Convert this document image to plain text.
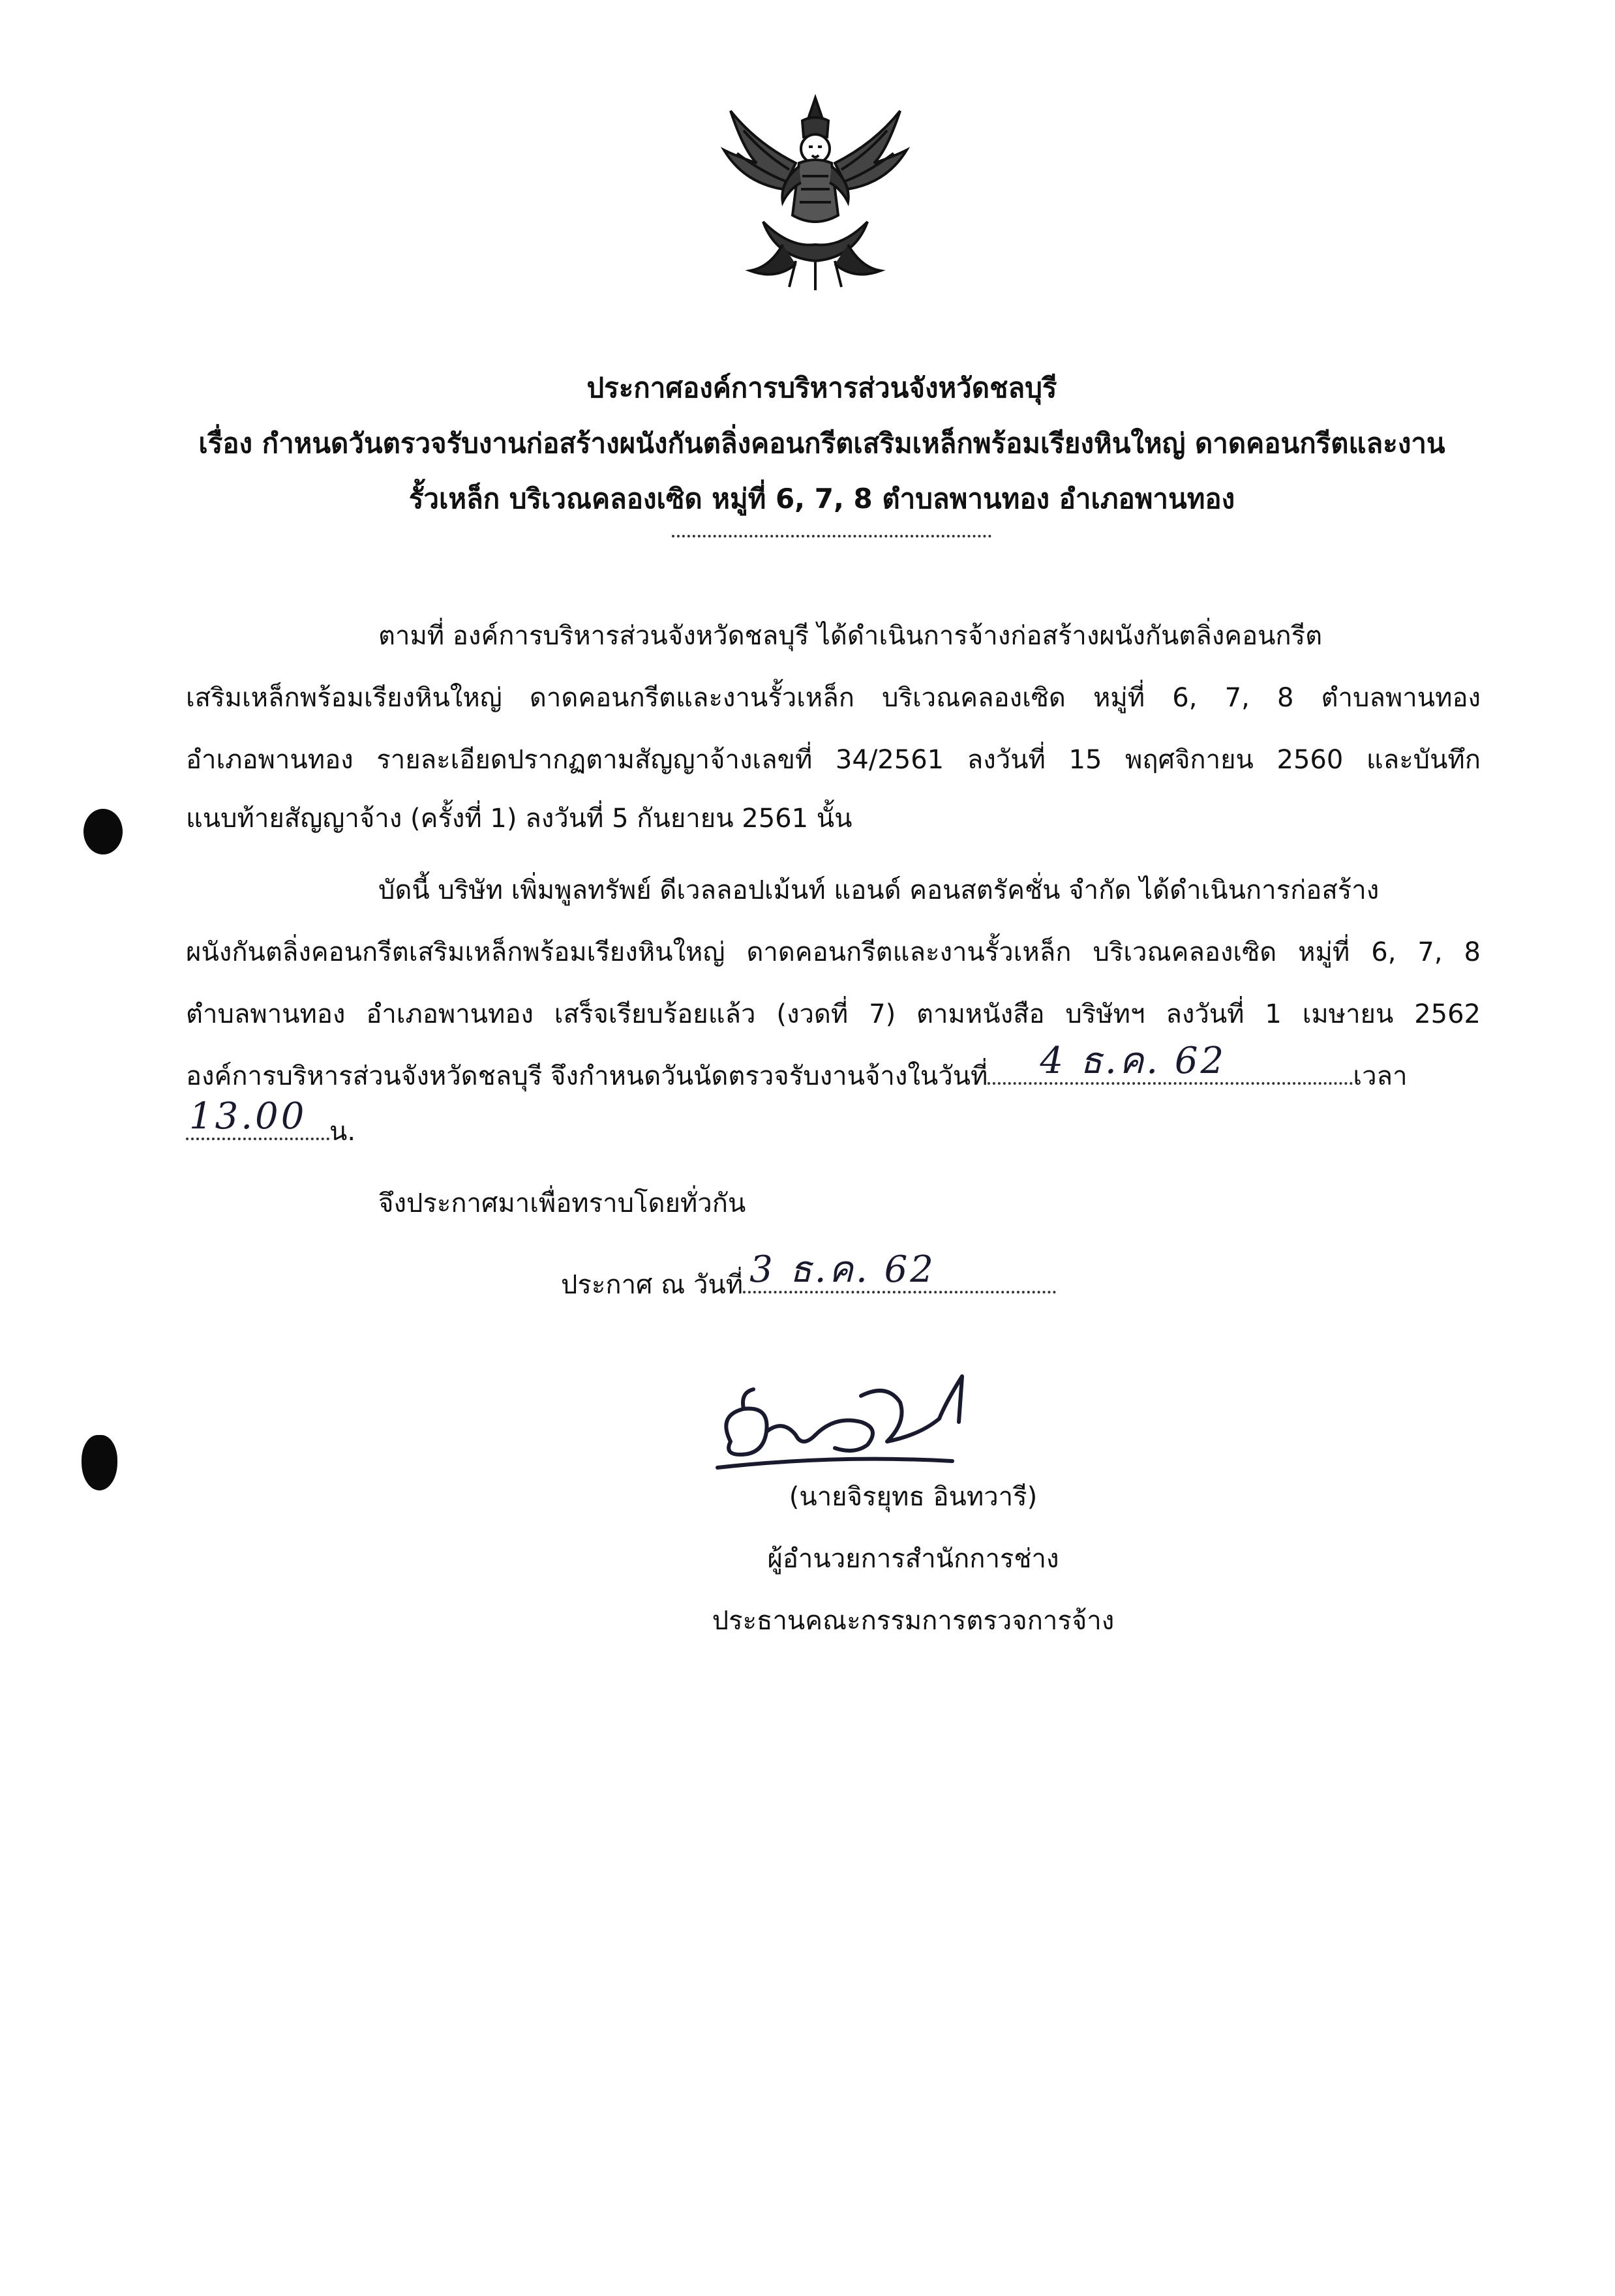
ประกาศองค์การบริหารส่วนจังหวัดชลบุรี
เรื่อง กำหนดวันตรวจรับงานก่อสร้างผนังกันตลิ่งคอนกรีตเสริมเหล็กพร้อมเรียงหินใหญ่ ดาดคอนกรีตและงาน
รั้วเหล็ก บริเวณคลองเซิด หมู่ที่ 6, 7, 8 ตำบลพานทอง อำเภอพานทอง
ตามที่ องค์การบริหารส่วนจังหวัดชลบุรี ได้ดำเนินการจ้างก่อสร้างผนังกันตลิ่งคอนกรีต
เสริมเหล็กพร้อมเรียงหินใหญ่ ดาดคอนกรีตและงานรั้วเหล็ก บริเวณคลองเซิด หมู่ที่ 6, 7, 8 ตำบลพานทอง
อำเภอพานทอง รายละเอียดปรากฏตามสัญญาจ้างเลขที่ 34/2561 ลงวันที่ 15 พฤศจิกายน 2560 และบันทึก
แนบท้ายสัญญาจ้าง (ครั้งที่ 1) ลงวันที่ 5 กันยายน 2561 นั้น
บัดนี้ บริษัท เพิ่มพูลทรัพย์ ดีเวลลอปเม้นท์ แอนด์ คอนสตรัคชั่น จำกัด ได้ดำเนินการก่อสร้าง
ผนังกันตลิ่งคอนกรีตเสริมเหล็กพร้อมเรียงหินใหญ่ ดาดคอนกรีตและงานรั้วเหล็ก บริเวณคลองเซิด หมู่ที่ 6, 7, 8
ตำบลพานทอง อำเภอพานทอง เสร็จเรียบร้อยแล้ว (งวดที่ 7) ตามหนังสือ บริษัทฯ ลงวันที่ 1 เมษายน 2562
องค์การบริหารส่วนจังหวัดชลบุรี จึงกำหนดวันนัดตรวจรับงานจ้างในวันที่ 4 ธ.ค. 62	เวลา
13.00 น.
จึงประกาศมาเพื่อทราบโดยทั่วกัน
ประกาศ ณ วันที่ 3 ธ.ค. 62
(นายจิรยุทธ อินทวารี)
ผู้อำนวยการสำนักการช่าง
ประธานคณะกรรมการตรวจการจ้าง
